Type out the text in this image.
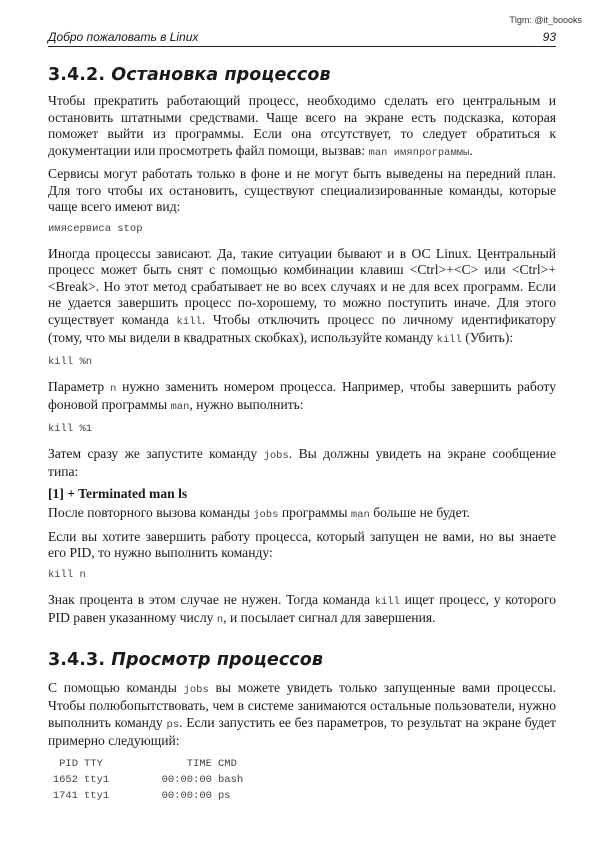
Tlgm: @it_boooks
Добро пожаловать в Linux	93
3.4.2. Остановка процессов

Чтобы прекратить работающий процесс, необходимо сделать его центральным и остановить штатными средствами. Чаще всего на экране есть подсказка, которая поможет выйти из программы. Если она отсутствует, то следует обратиться к документации или просмотреть файл помощи, вызвав: man имяпрограммы.

Сервисы могут работать только в фоне и не могут быть выведены на передний план. Для того чтобы их остановить, существуют специализированные команды, которые чаще всего имеют вид:

имясервиса stop

Иногда процессы зависают. Да, такие ситуации бывают и в ОС Linux. Центральный процесс может быть снят с помощью комбинации клавиш <Ctrl>+<C> или <Ctrl>+<Break>. Но этот метод срабатывает не во всех случаях и не для всех программ. Если не удается завершить процесс по-хорошему, то можно поступить иначе. Для этого существует команда kill. Чтобы отключить процесс по личному идентификатору (тому, что мы видели в квадратных скобках), используйте команду kill (Убить):

kill %n

Параметр n нужно заменить номером процесса. Например, чтобы завершить работу фоновой программы man, нужно выполнить:

kill %1

Затем сразу же запустите команду jobs. Вы должны увидеть на экране сообщение типа:

[1] + Terminated man ls

После повторного вызова команды jobs программы man больше не будет.

Если вы хотите завершить работу процесса, который запущен не вами, но вы знаете его PID, то нужно выполнить команду:

kill n

Знак процента в этом случае не нужен. Тогда команда kill ищет процесс, у которого PID равен указанному числу n, и посылает сигнал для завершения.

3.4.3. Просмотр процессов

С помощью команды jobs вы можете увидеть только запущенные вами процессы. Чтобы полюбопытствовать, чем в системе занимаются остальные пользователи, нужно выполнить команду ps. Если запустить ее без параметров, то результат на экране будет примерно следующий:

PID	TTY	TIME	CMD
1652	tty1	00:00:00	bash
1741	tty1	00:00:00	ps
